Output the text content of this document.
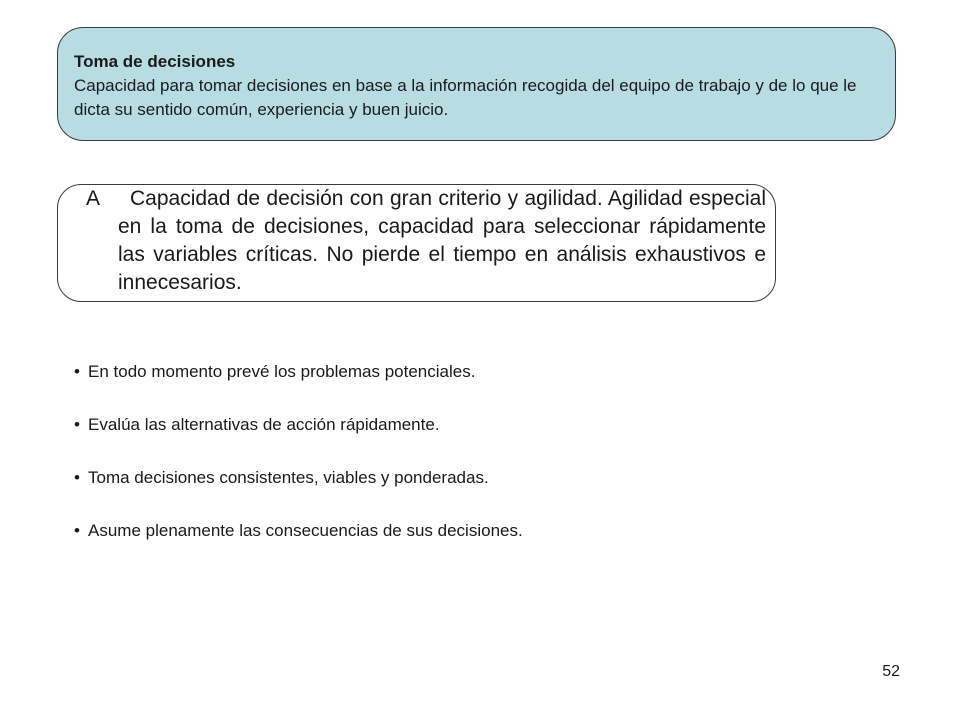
Toma de decisiones

Capacidad para tomar decisiones en base a la información recogida del equipo de trabajo y de lo que le dicta su sentido común, experiencia y buen juicio.

A	Capacidad de decisión con gran criterio y agilidad. Agilidad especial en la toma de decisiones, capacidad para seleccionar rápidamente las variables críticas. No pierde el tiempo en análisis exhaustivos e innecesarios.
• En todo momento prevé los problemas potenciales.
• Evalúa las alternativas de acción rápidamente.
• Toma decisiones consistentes, viables y ponderadas.
• Asume plenamente las consecuencias de sus decisiones.
52
